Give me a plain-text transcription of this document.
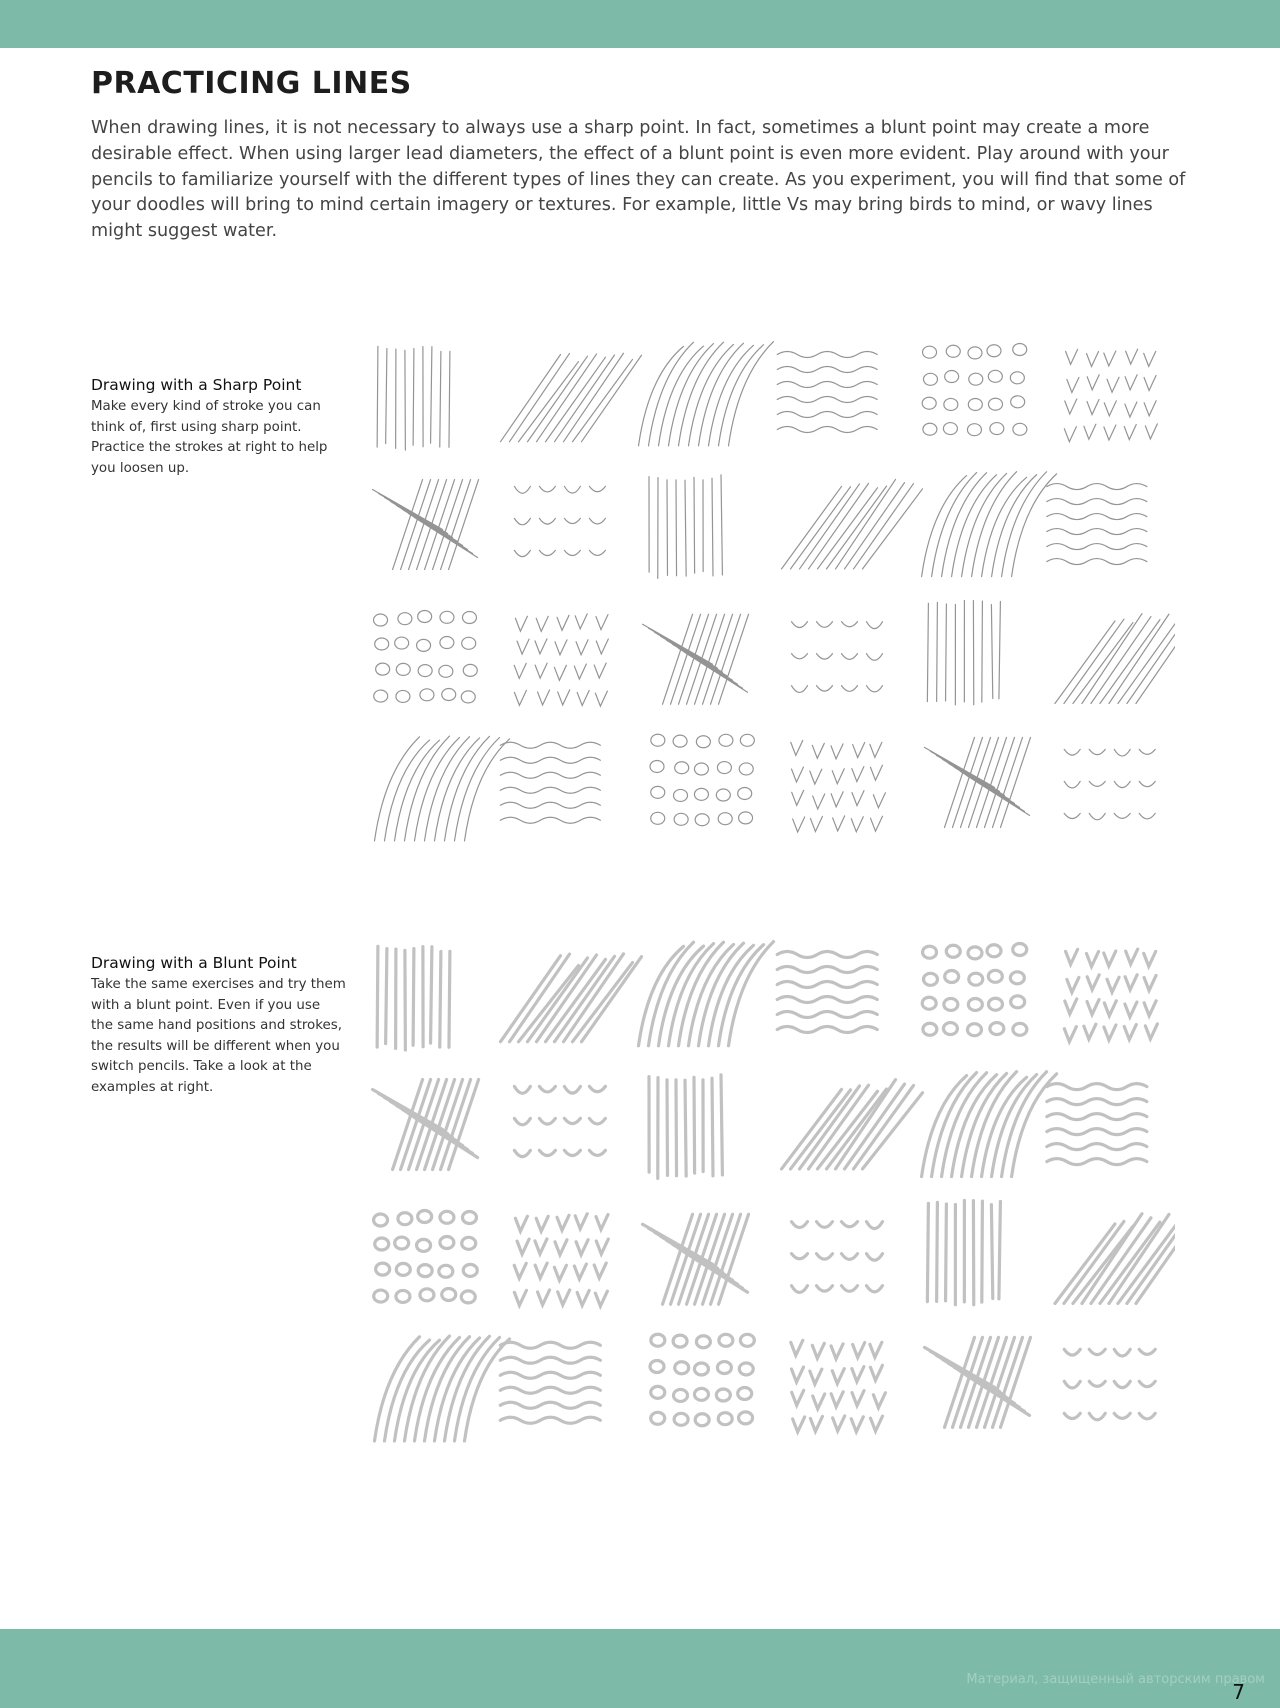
PRACTICING LINES

When drawing lines, it is not necessary to always use a sharp point. In fact, sometimes a blunt point may create a more desirable effect. When using larger lead diameters, the effect of a blunt point is even more evident. Play around with your pencils to familiarize yourself with the different types of lines they can create. As you experiment, you will find that some of your doodles will bring to mind certain imagery or textures. For example, little Vs may bring birds to mind, or wavy lines might suggest water.

Drawing with a Sharp Point

Make every kind of stroke you can think of, first using sharp point. Practice the strokes at right to help you loosen up.

Drawing with a Blunt Point

Take the same exercises and try them with a blunt point. Even if you use the same hand positions and strokes, the results will be different when you switch pencils. Take a look at the examples at right.

Материал, защищенный авторским правом
7
